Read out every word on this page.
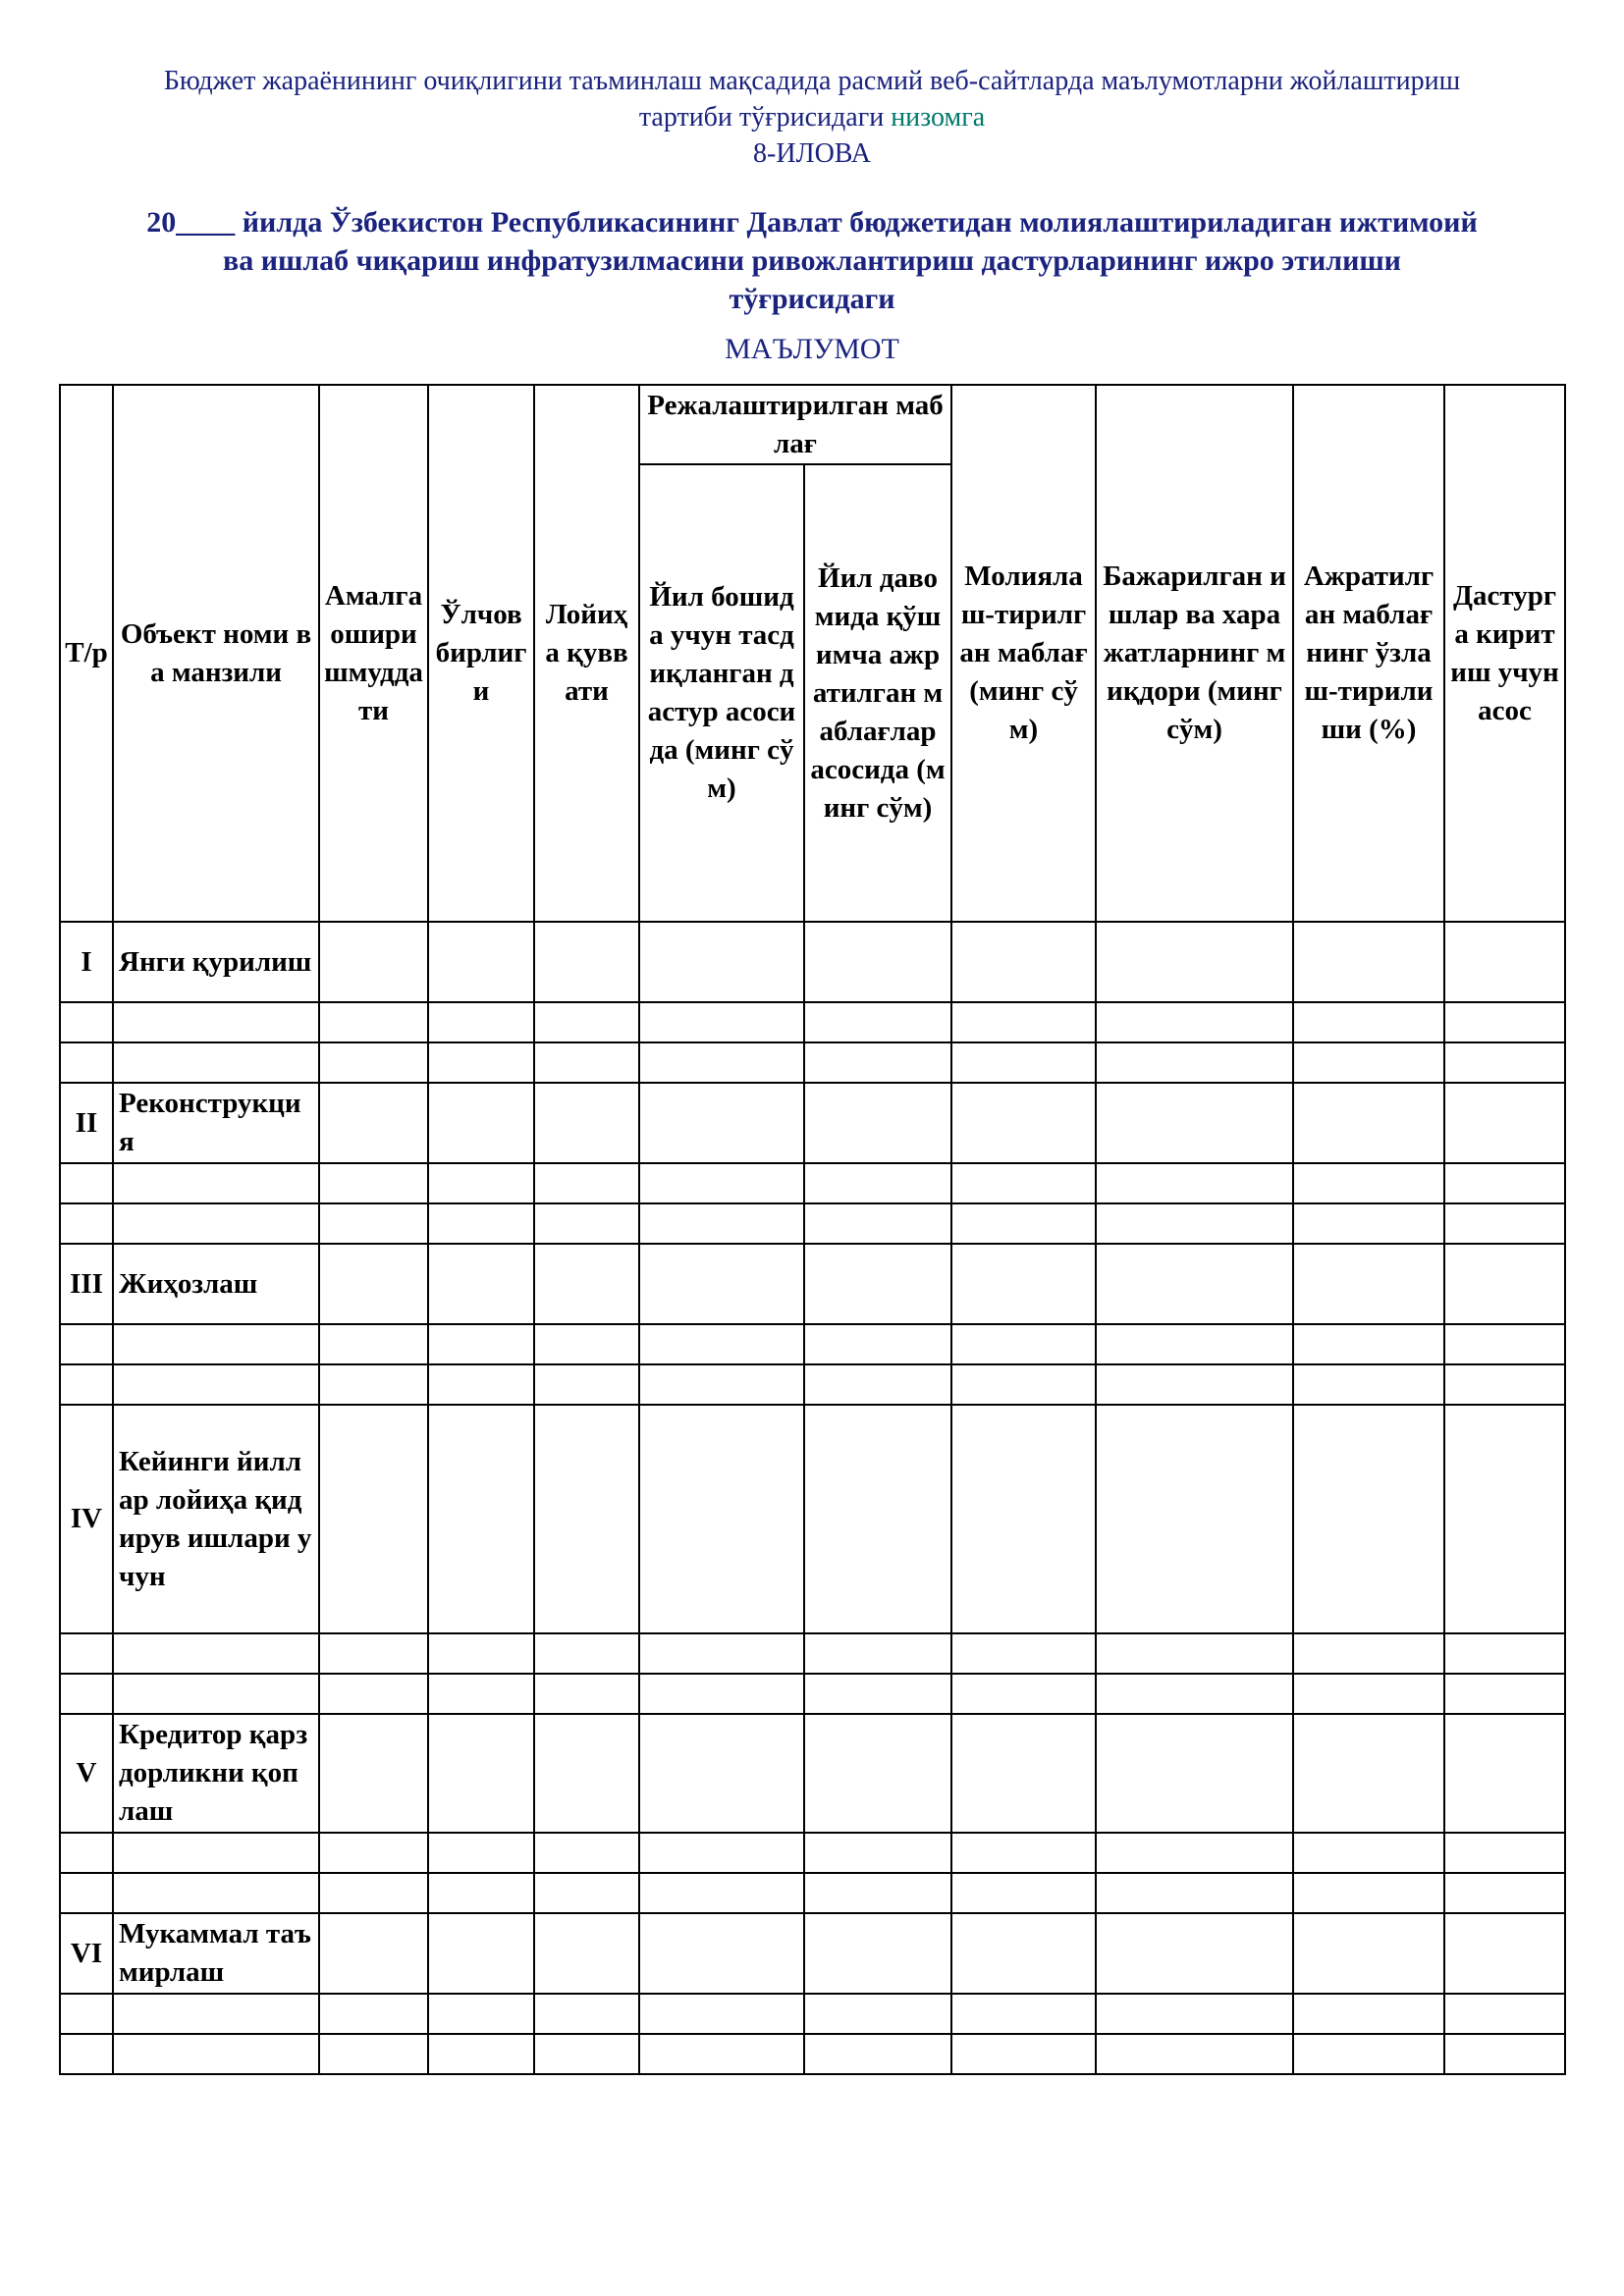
Бюджет жараёнининг очиқлигини таъминлаш мақсадида расмий веб-сайтларда маълумотларни жойлаштириш
тартиби тўғрисидаги низомга
8-ИЛОВА
20____ йилда Ўзбекистон Республикасининг Давлат бюджетидан молиялаштириладиган ижтимоий
ва ишлаб чиқариш инфратузилмасини ривожлантириш дастурларининг ижро этилиши
тўғрисидаги
МАЪЛУМОТ
Т/р	Объект номи ва манзили	Амалга оширишмуддати	Ўлчов бирлиги	Лойиҳа қуввати	Режалаштирилган маблағ		Молиялаш-тирилган маблағ (минг сўм)	Бажарилган ишлар ва харажатларнинг миқдори (минг сўм)	Ажратилган маблағнинг ўзлаш-тирилиши (%)	Дастурга киритиш учун асос
					Йил бошида учун тасдиқланган дастур асосида (минг сўм)	Йил давомида қўшимча ажратилган маблағлар асосида (минг сўм)				
I	Янги қурилиш									

II	Реконструкция									

III	Жиҳозлаш									

IV	Кейинги йиллар лойиҳа қидирув ишлари учун									

V	Кредитор қарздорликни қоплаш									

VI	Мукаммал таъмирлаш									
